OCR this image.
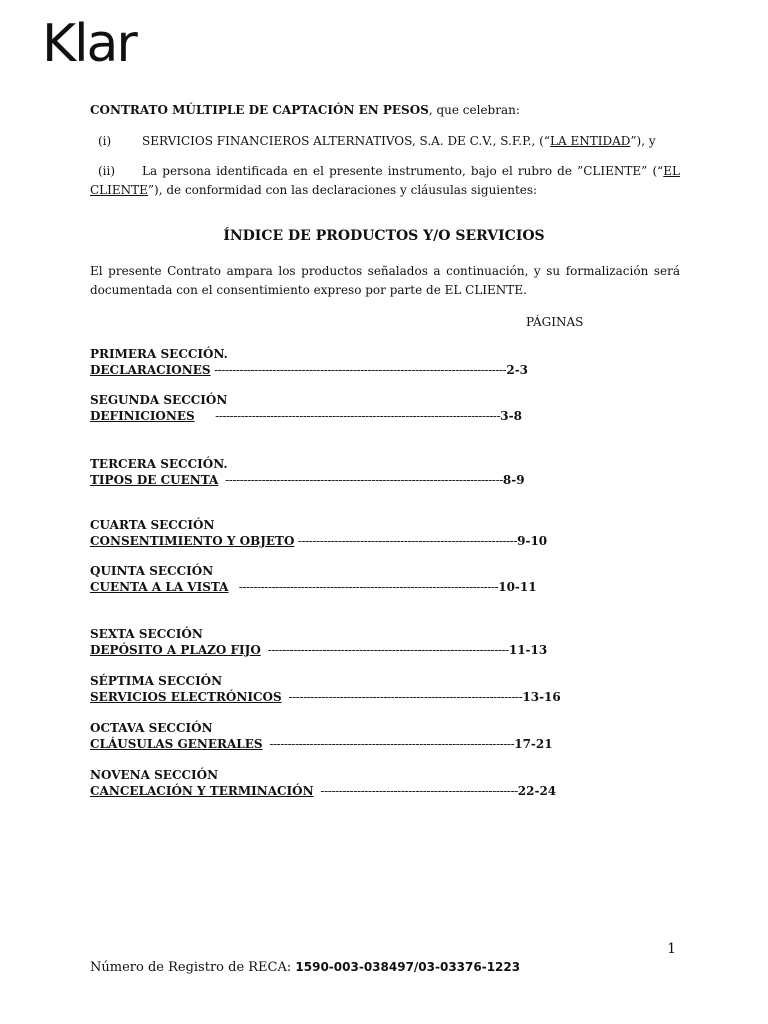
Klar
CONTRATO MÚLTIPLE DE CAPTACIÓN EN PESOS, que celebran:
(i)	SERVICIOS FINANCIEROS ALTERNATIVOS, S.A. DE C.V., S.F.P., (“LA ENTIDAD”), y
(ii) La persona identificada en el presente instrumento, bajo el rubro de ”CLIENTE” (“EL CLIENTE”), de conformidad con las declaraciones y cláusulas siguientes:
ÍNDICE DE PRODUCTOS Y/O SERVICIOS
El presente Contrato ampara los productos señalados a continuación, y su formalización será documentada con el consentimiento expreso por parte de EL CLIENTE.
PÁGINAS
PRIMERA SECCIÓN.
DECLARACIONES --------------------------------------------------------------------------------2-3
SEGUNDA SECCIÓN
DEFINICIONES      ------------------------------------------------------------------------------3-8
TERCERA SECCIÓN.
TIPOS DE CUENTA  ----------------------------------------------------------------------------8-9
CUARTA SECCIÓN
CONSENTIMIENTO Y OBJETO ------------------------------------------------------------9-10
QUINTA SECCIÓN
CUENTA A LA VISTA   -----------------------------------------------------------------------10-11
SEXTA SECCIÓN
DEPÓSITO A PLAZO FIJO  ------------------------------------------------------------------11-13
SÉPTIMA SECCIÓN
SERVICIOS ELECTRÓNICOS  ----------------------------------------------------------------13-16
OCTAVA SECCIÓN
CLÁUSULAS GENERALES  -------------------------------------------------------------------17-21
NOVENA SECCIÓN
CANCELACIÓN Y TERMINACIÓN  ------------------------------------------------------22-24
1
Número de Registro de RECA: 1590-003-038497/03-03376-1223
